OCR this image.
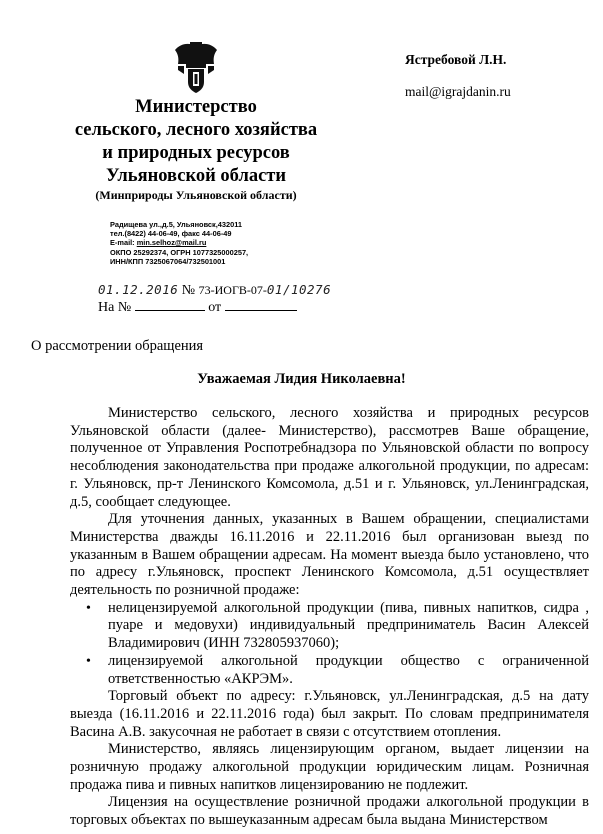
Министерство
сельского, лесного хозяйства
и природных ресурсов
Ульяновской области
(Минприроды Ульяновской области)
Радищева ул.,д.5, Ульяновск,432011
тел.(8422) 44-06-49, факс 44-06-49
E-mail: min.selhoz@mail.ru
ОКПО 25292374, ОГРН 1077325000257,
ИНН/КПП 7325067064/732501001
Ястребовой Л.Н.
mail@igrajdanin.ru
01.12.2016 № 73-ИОГВ-07-01/10276
На №	от
О рассмотрении обращения
Уважаемая Лидия Николаевна!

Министерство сельского, лесного хозяйства и природных ресурсов Ульяновской области (далее- Министерство), рассмотрев Ваше обращение, полученное от Управления Роспотребнадзора по Ульяновской области по вопросу несоблюдения законодательства при продаже алкогольной продукции, по адресам: г. Ульяновск, пр-т Ленинского Комсомола, д.51 и г. Ульяновск, ул.Ленинградская, д.5, сообщает следующее.

Для уточнения данных, указанных в Вашем обращении, специалистами Министерства дважды 16.11.2016 и 22.11.2016 был организован выезд по указанным в Вашем обращении адресам. На момент выезда было установлено, что по адресу г.Ульяновск, проспект Ленинского Комсомола, д.51 осуществляет деятельность по розничной продаже:

• нелицензируемой алкогольной продукции (пива, пивных напитков, сидра , пуаре и медовухи) индивидуальный предприниматель Васин Алексей Владимирович (ИНН 732805937060);
• лицензируемой алкогольной продукции общество с ограниченной ответственностью «АКРЭМ».

Торговый объект по адресу: г.Ульяновск, ул.Ленинградская, д.5 на дату выезда (16.11.2016 и 22.11.2016 года) был закрыт. По словам предпринимателя Васина А.В. закусочная не работает в связи с отсутствием отопления.

Министерство, являясь лицензирующим органом, выдает лицензии на розничную продажу алкогольной продукции юридическим лицам. Розничная продажа пива и пивных напитков лицензированию не подлежит.

Лицензия на осуществление розничной продажи алкогольной продукции в торговых объектах по вышеуказанным адресам была выдана Министерством
